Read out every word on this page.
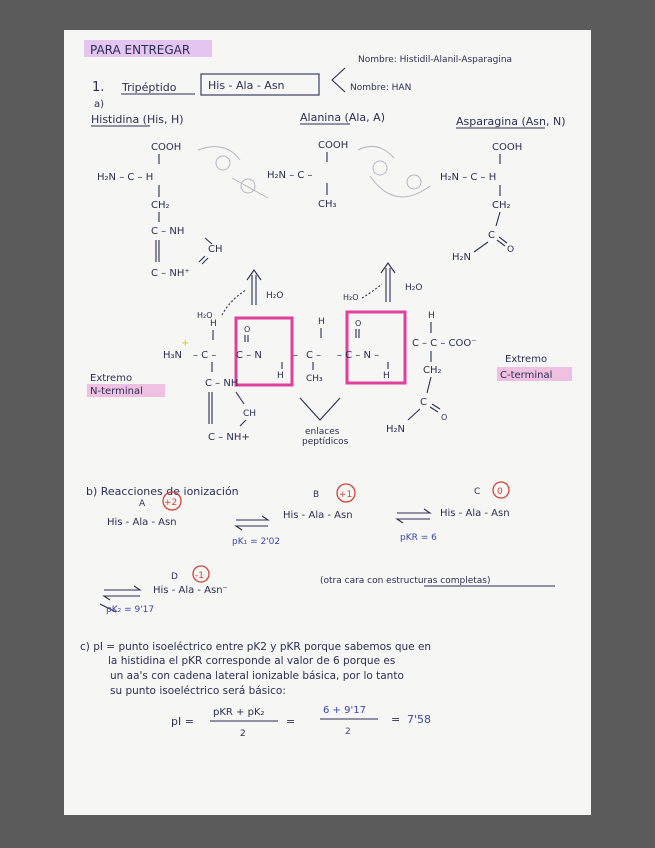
PARA ENTREGAR
Nombre: Histidil-Alanil-Asparagina
Nombre: HAN
1. Tripéptido	His - Ala - Asn
a)
Histidina (His, H)	Alanina (Ala, A)	Asparagina (Asn, N)
COOH
H₂N – C – H
CH₂
C – NH
CH
C – NH⁺
COOH
H₂N – C –
CH₃
COOH
H₂N – C – H
CH₂
C
O
H₂N
H₂O
H₂O
H₂O
H₂O
H
H₃N
+
– C –
O
C – N
H
–
H
C –
CH₃
O
– C – N –
H
H
C – C – COO⁻
CH₂
C
O
H₂N
C – NH
CH
C – NH+
Extremo
N-terminal
Extremo
C-terminal
enlaces
peptídicos
b) Reacciones de ionización
A +2
B +1	C 0
His - Ala - Asn
His - Ala - Asn	His - Ala - Asn
pK₁ = 2'02	pKR = 6
D -1
His - Ala - Asn⁻
(otra cara con estructuras completas)
pK₂ = 9'17
c) pI = punto isoeléctrico entre pK2 y pKR porque sabemos que en
la histidina el pKR corresponde al valor de 6 porque es
un aa's con cadena lateral ionizable básica, por lo tanto
su punto isoeléctrico será básico:
pI =
pKR + pK₂
2
=
6 + 9'17
2
= 7'58
